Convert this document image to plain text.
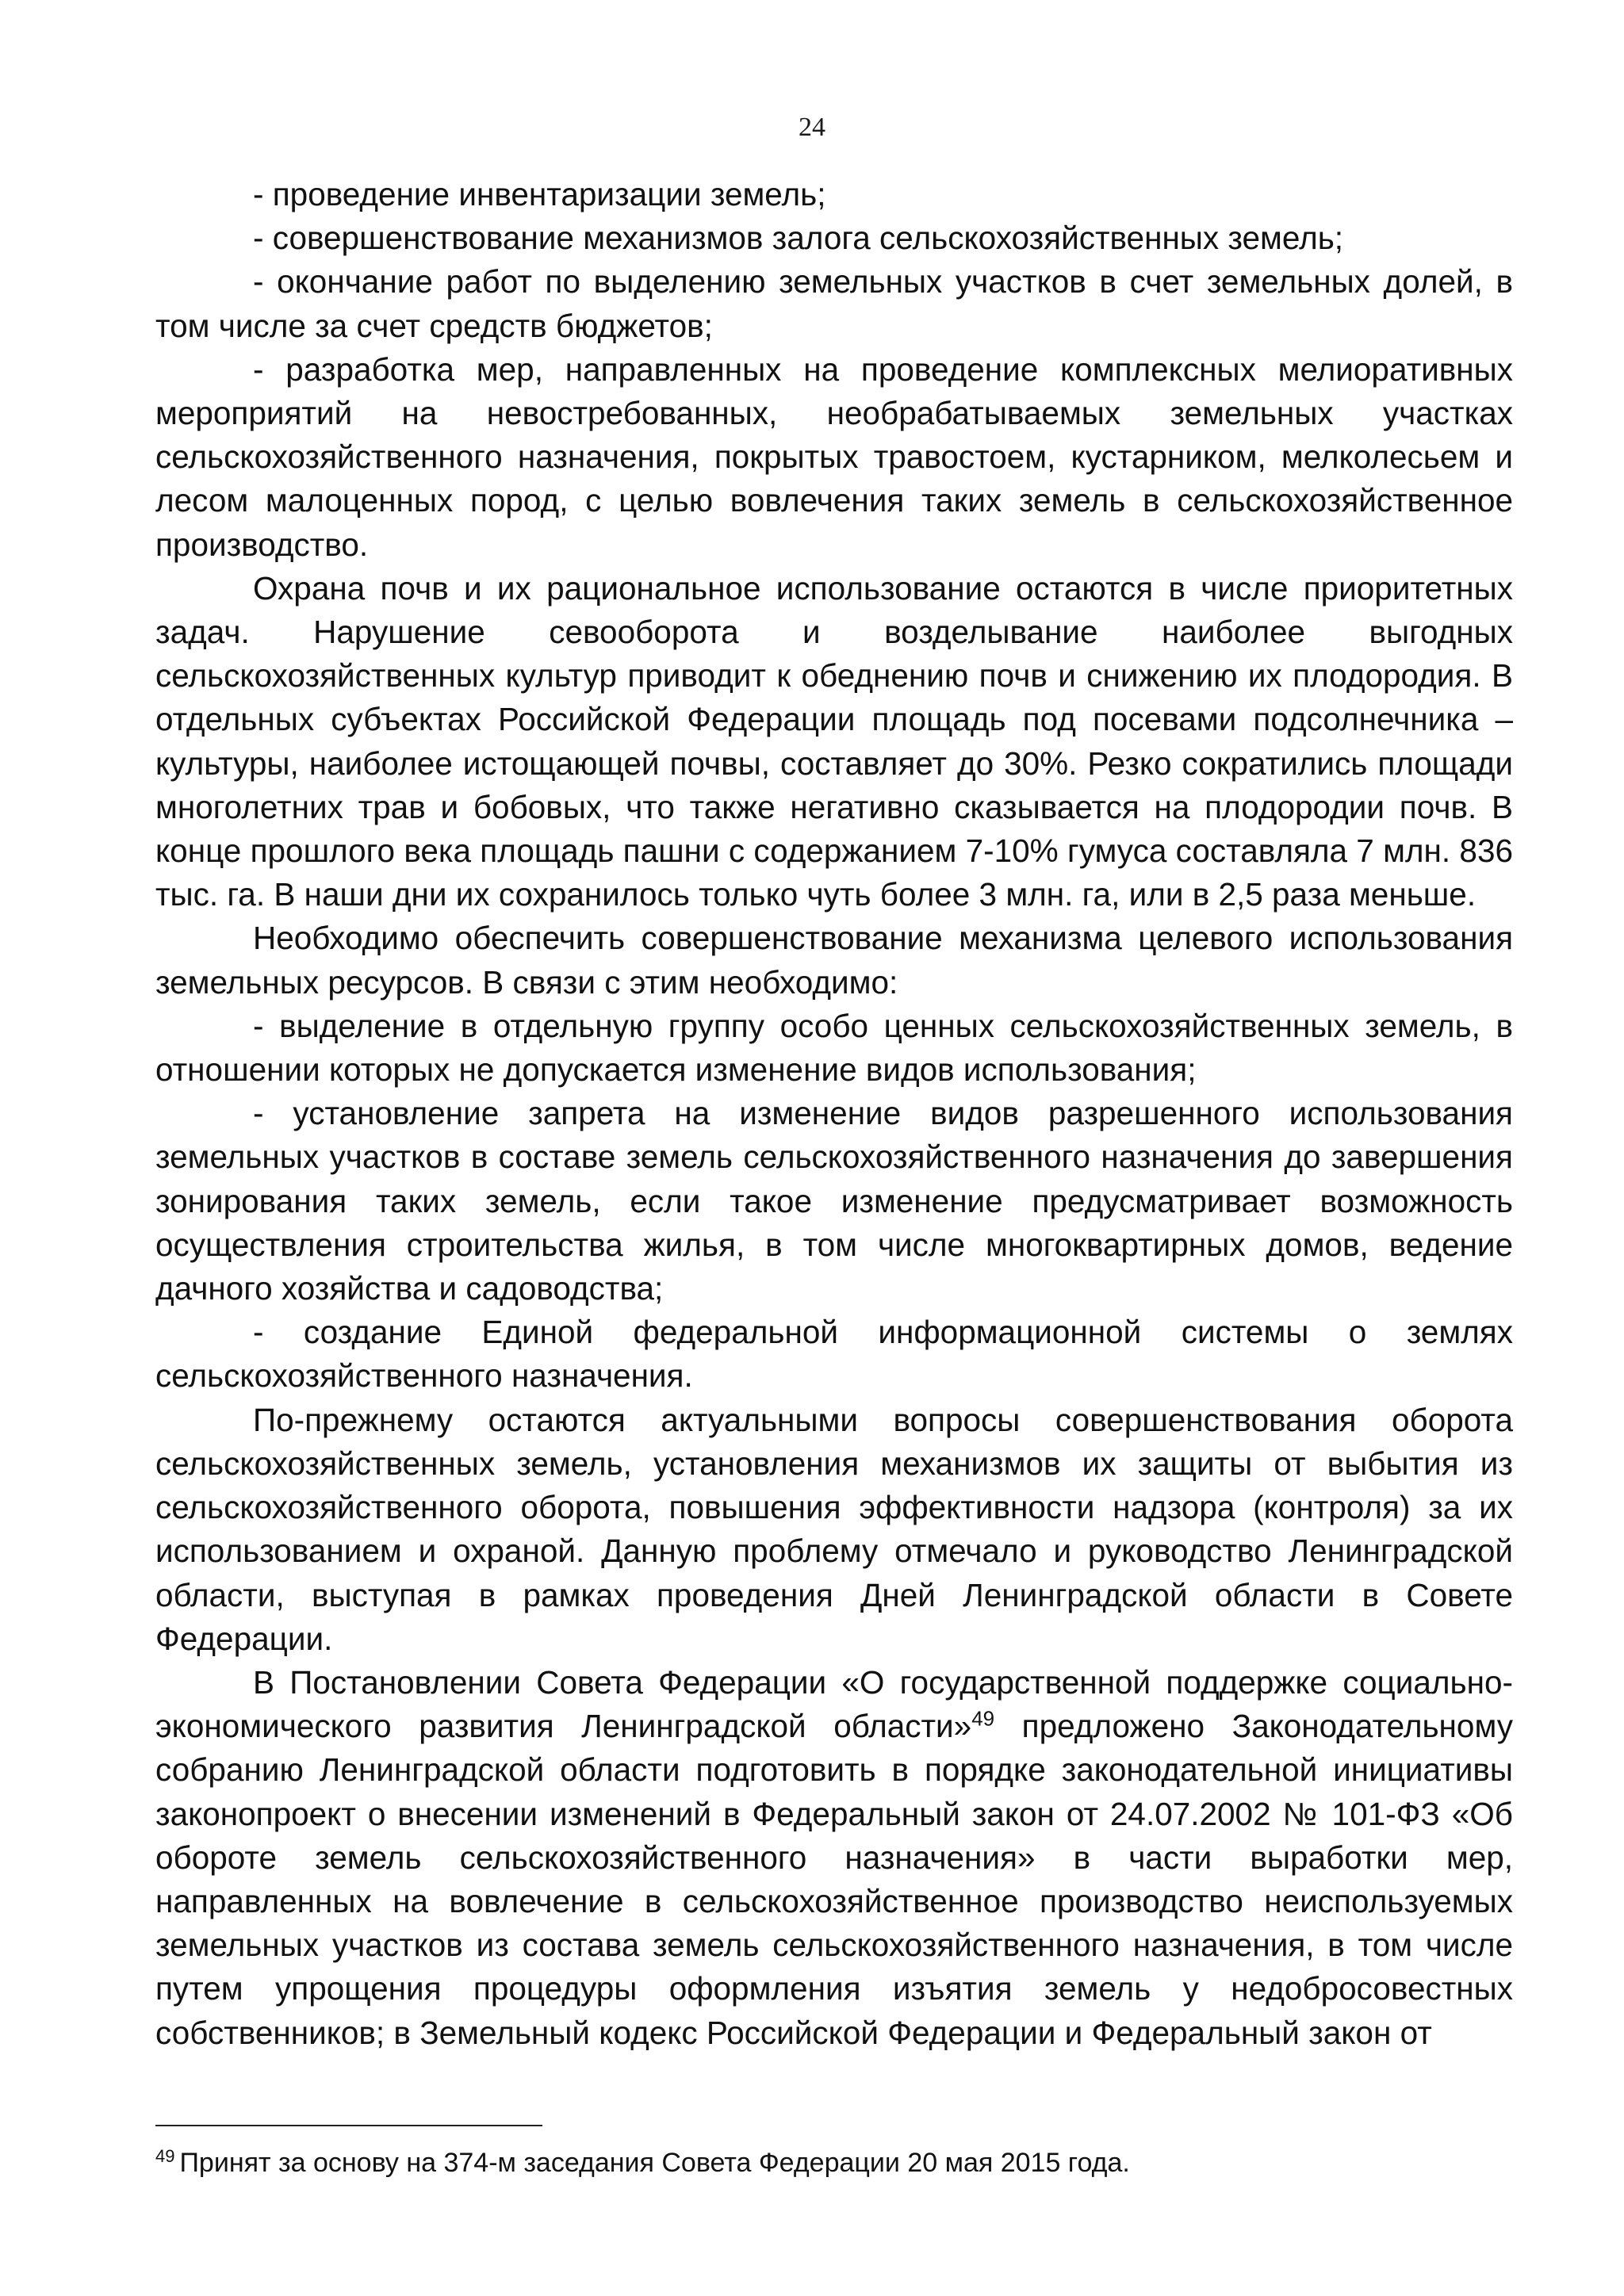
24

- проведение инвентаризации земель;

- совершенствование механизмов залога сельскохозяйственных земель;

- окончание работ по выделению земельных участков в счет земельных долей, в том числе за счет средств бюджетов;

- разработка мер, направленных на проведение комплексных мелиоративных мероприятий на невостребованных, необрабатываемых земельных участках сельскохозяйственного назначения, покрытых травостоем, кустарником, мелколесьем и лесом малоценных пород, с целью вовлечения таких земель в сельскохозяйственное производство.

Охрана почв и их рациональное использование остаются в числе приоритетных задач. Нарушение севооборота и возделывание наиболее выгодных сельскохозяйственных культур приводит к обеднению почв и снижению их плодородия. В отдельных субъектах Российской Федерации площадь под посевами подсолнечника – культуры, наиболее истощающей почвы, составляет до 30%. Резко сократились площади многолетних трав и бобовых, что также негативно сказывается на плодородии почв. В конце прошлого века площадь пашни с содержанием 7-10% гумуса составляла 7 млн. 836 тыс. га. В наши дни их сохранилось только чуть более 3 млн. га, или в 2,5 раза меньше.

Необходимо обеспечить совершенствование механизма целевого использования земельных ресурсов. В связи с этим необходимо:

- выделение в отдельную группу особо ценных сельскохозяйственных земель, в отношении которых не допускается изменение видов использования;

- установление запрета на изменение видов разрешенного использования земельных участков в составе земель сельскохозяйственного назначения до завершения зонирования таких земель, если такое изменение предусматривает возможность осуществления строительства жилья, в том числе многоквартирных домов, ведение дачного хозяйства и садоводства;

- создание Единой федеральной информационной системы о землях сельскохозяйственного назначения.

По-прежнему остаются актуальными вопросы совершенствования оборота сельскохозяйственных земель, установления механизмов их защиты от выбытия из сельскохозяйственного оборота, повышения эффективности надзора (контроля) за их использованием и охраной. Данную проблему отмечало и руководство Ленинградской области, выступая в рамках проведения Дней Ленинградской области в Совете Федерации.

В Постановлении Совета Федерации «О государственной поддержке социально-экономического развития Ленинградской области»$^{49}$ предложено Законодательному собранию Ленинградской области подготовить в порядке законодательной инициативы законопроект о внесении изменений в Федеральный закон от 24.07.2002 № 101-ФЗ «Об обороте земель сельскохозяйственного назначения» в части выработки мер, направленных на вовлечение в сельскохозяйственное производство неиспользуемых земельных участков из состава земель сельскохозяйственного назначения, в том числе путем упрощения процедуры оформления изъятия земель у недобросовестных собственников; в Земельный кодекс Российской Федерации и Федеральный закон от

$^{49}$ Принят за основу на 374-м заседания Совета Федерации 20 мая 2015 года.
